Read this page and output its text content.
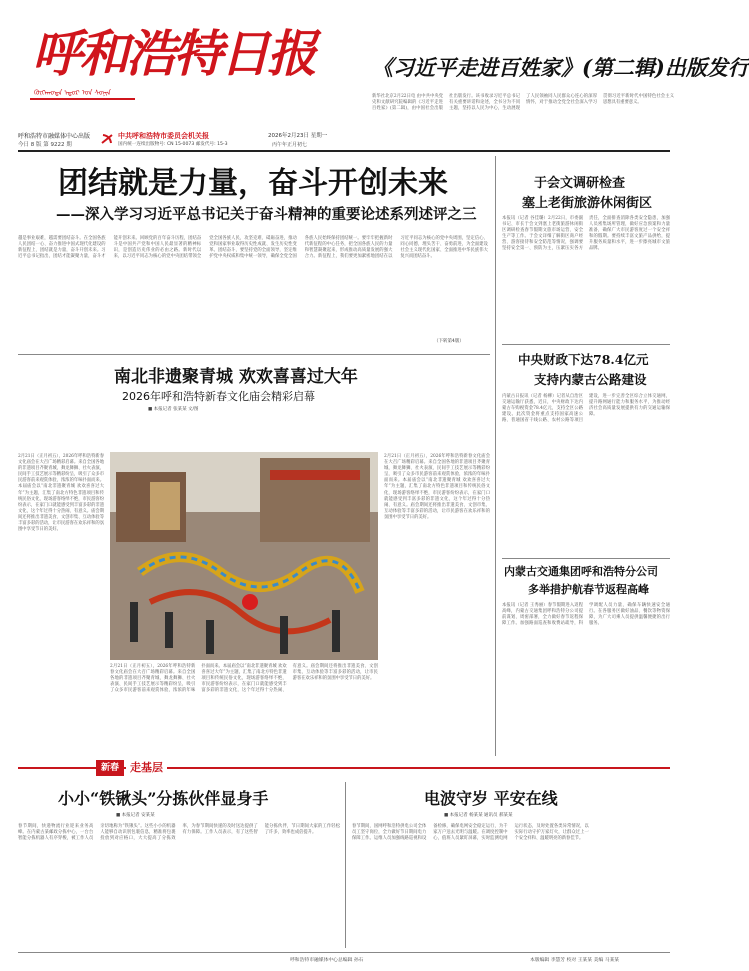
呼和浩特日报
ᠬᠥᠬᠡᠬᠣᠲᠠ ᠡᠳᠦᠷ ᠤᠨ ᠰᠣᠨᠢᠨ
呼和浩特市融媒体中心出版
今日 8 版 第 9222 期
中共呼和浩特市委员会机关报
国内统一连续出版物号: CN 15-0073 邮发代号: 15-3
2026年2月23日 星期一
丙午年正月初七
《习近平走进百姓家》(第二辑)出版发行
新华社北京2月22日电 由中共中央党史和文献研究院编辑的《习近平走进百姓家》(第二辑)，由中国社会出版社出版发行。该书收录习近平总书记有关重要讲话和论述，全书分为不同主题，坚持以人民为中心，生动展现了人民领袖同人民群众心连心的深厚情怀，对于推动全党全社会深入学习贯彻习近平新时代中国特色社会主义思想具有重要意义。
团结就是力量，奋斗开创未来
——深入学习习近平总书记关于奋斗精神的重要论述系列述评之三
越是事业艰难，越需要团结奋斗。在全国各族人民团结一心、奋力推进中国式现代化建设的新征程上，团结就是力量，奋斗开创未来。习近平总书记指出，团结才能凝聚力量，奋斗才能开创未来。回顾党的百年奋斗历程，团结奋斗是中国共产党和中国人民最显著的精神标识，是创造历史伟业的必由之路。新时代以来，以习近平同志为核心的党中央团结带领全党全国各族人民，攻坚克难、砥砺奋进，推动党和国家事业取得历史性成就、发生历史性变革。团结奋斗，要坚持党的全面领导，坚定维护党中央权威和集中统一领导，确保全党全国各族人民始终保持团结统一。要牢牢把握新时代新征程的中心任务，把全国各族人民的力量和智慧凝聚起来，形成推动高质量发展的强大合力。新征程上，我们要更加紧密地团结在以习近平同志为核心的党中央周围，坚定信心、同心同德，埋头苦干、奋勇前进，为全面建设社会主义现代化国家、全面推进中华民族伟大复兴而团结奋斗。
（下转第4版）
于会文调研检查
塞上老街旅游休闲街区
本报讯（记者 谷佳璐）2月22日，市委副书记、市长于会文到塞上老街旅游休闲街区调研检查春节假期文旅市场运营、安全生产等工作。于会文详细了解街区商户经营、游客接待和安全防范等情况，强调要坚持安全第一、预防为主，压紧压实各方责任，全面排查消除各类安全隐患，加强人员密集场所管理，做好应急预案和力量准备，确保广大市民游客度过一个安全祥和的假期。要持续丰富文旅产品供给，提升服务质量和水平，进一步擦亮城市文旅品牌。
中央财政下达78.4亿元
支持内蒙古公路建设
内蒙古日报讯（记者 杨柳）记者从自治区交通运输厅获悉，近日，中央财政下达内蒙古车购税资金78.4亿元，支持全区公路建设。此次资金将重点支持国家高速公路、普通国省干线公路、农村公路等项目建设，进一步完善全区综合立体交通网，提升路网通行能力和服务水平，为推动经济社会高质量发展提供有力的交通运输保障。
内蒙古交通集团呼和浩特分公司
多举措护航春节返程高峰
本报讯（记者 王秀丽）春节假期进入返程高峰，内蒙古交通集团呼和浩特分公司提前谋划、周密部署，全力做好春节返程保障工作。加强路面巡查和收费站疏导，科学调配人员力量，确保车辆快速安全通行。在各服务区做好油品、餐饮等物资保障，为广大司乘人员提供温馨便捷的出行服务。
南北非遗聚青城 欢欢喜喜过大年
2026年呼和浩特新春文化庙会精彩启幕
■ 本报记者 张某某 文/图
2月21日（正月初五），2026年呼和浩特新春文化庙会在大召广场精彩启幕。来自全国各地的非遗项目齐聚青城，舞龙舞狮、社火表演、民间手工技艺展示等精彩纷呈，吸引了众多市民游客前来观赏体验，浓浓的年味扑面而来。本届庙会以“南北非遗聚青城 欢欢喜喜过大年”为主题，汇集了南北方特色非遗项目和传统民俗文化，现场游客络绎不绝，市民游客纷纷表示，在家门口就能感受到丰富多彩的非遗文化，这个年过得十分热闹、有意义。庙会期间还将推出非遗美食、文创市集、互动体验等丰富多彩的活动，让市民游客在欢乐祥和的氛围中享受节日的美好。
2月21日（正月初五），2026年呼和浩特新春文化庙会在大召广场精彩启幕。来自全国各地的非遗项目齐聚青城，舞龙舞狮、社火表演、民间手工技艺展示等精彩纷呈，吸引了众多市民游客前来观赏体验，浓浓的年味扑面而来。本届庙会以“南北非遗聚青城 欢欢喜喜过大年”为主题，汇集了南北方特色非遗项目和传统民俗文化，现场游客络绎不绝，市民游客纷纷表示，在家门口就能感受到丰富多彩的非遗文化，这个年过得十分热闹、有意义。庙会期间还将推出非遗美食、文创市集、互动体验等丰富多彩的活动，让市民游客在欢乐祥和的氛围中享受节日的美好。
2月21日（正月初五），2026年呼和浩特新春文化庙会在大召广场精彩启幕。来自全国各地的非遗项目齐聚青城，舞龙舞狮、社火表演、民间手工技艺展示等精彩纷呈，吸引了众多市民游客前来观赏体验，浓浓的年味扑面而来。本届庙会以“南北非遗聚青城 欢欢喜喜过大年”为主题，汇集了南北方特色非遗项目和传统民俗文化，现场游客络绎不绝，市民游客纷纷表示，在家门口就能感受到丰富多彩的非遗文化，这个年过得十分热闹、有意义。庙会期间还将推出非遗美食、文创市集、互动体验等丰富多彩的活动，让市民游客在欢乐祥和的氛围中享受节日的美好。
新春	走基层
小小“铁锹头”分拣伙伴显身手
■ 本报记者 安某某
春节期间，快递物流行业迎来业务高峰。在内蒙古某邮政分拣中心，一台台智能分拣机器人有序穿梭，被工作人员亲切地称为“铁锹头”。这些小小的机器人能够自动识别包裹信息，精准将包裹投放到对应格口，大大提高了分拣效率，为春节期间快递的及时送达提供了有力保障。工作人员表示，有了这些智能分拣伙伴，节日期间大家的工作轻松了许多，效率也成倍提升。
电波守岁 平安在线
■ 本报记者 杨某某 通讯员 郝某某
春节期间，国网呼和浩特供电公司全体员工坚守岗位，全力做好节日期间电力保障工作。运维人员加强线路巡视和设备检修，确保电网安全稳定运行，为千家万户送去光明与温暖。在调度控制中心，值班人员紧盯屏幕，实时监测电网运行状态，及时处置各类异常情况，以实际行动守护万家灯火，让群众过上一个安全祥和、温暖明亮的新春佳节。
呼和浩特市融媒体中心总编辑 孙石	本版编辑 李慧芳 校对 王某某 美编 马某某
